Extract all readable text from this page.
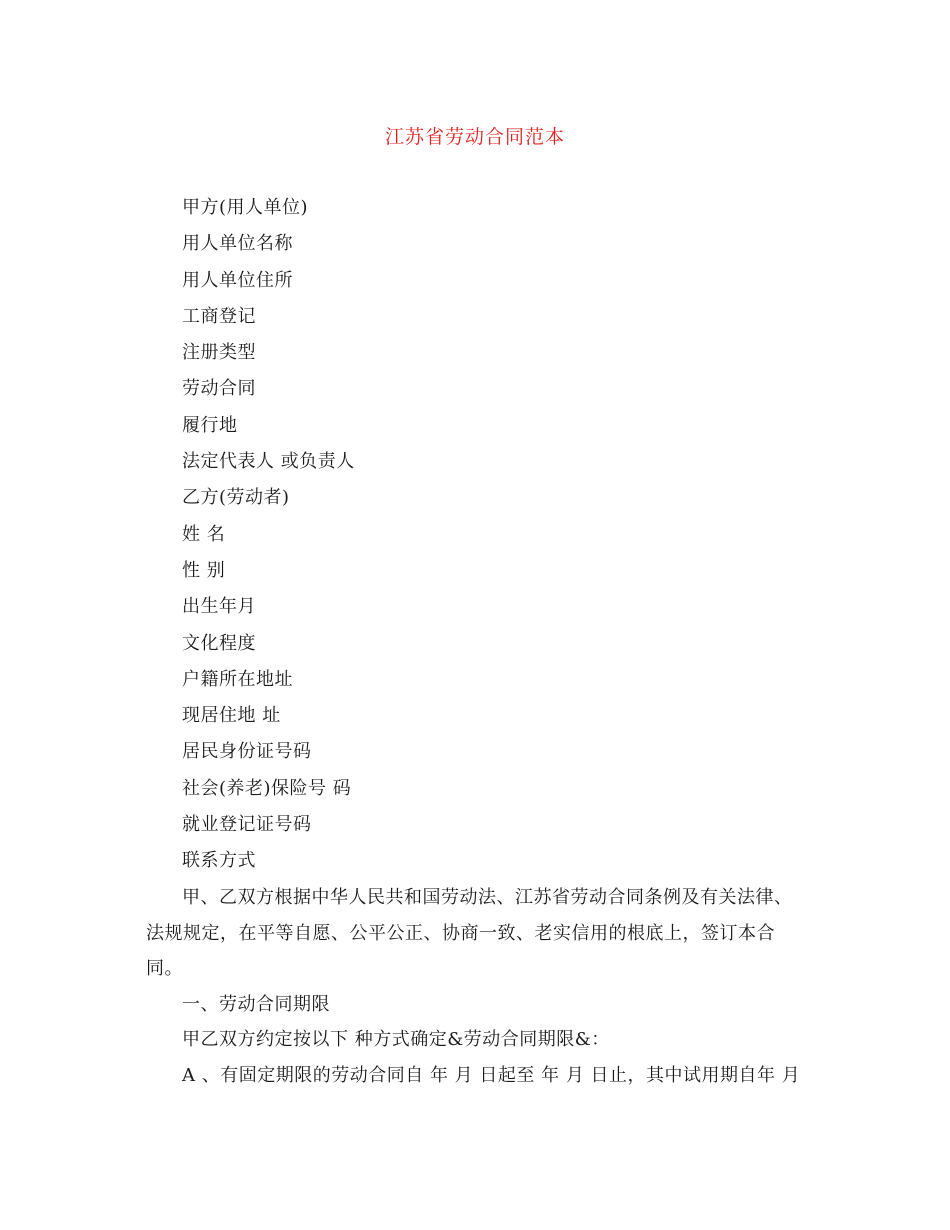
江苏省劳动合同范本
甲方(用人单位)
用人单位名称
用人单位住所
工商登记
注册类型
劳动合同
履行地
法定代表人 或负责人
乙方(劳动者)
姓 名
性 别
出生年月
文化程度
户籍所在地址
现居住地 址
居民身份证号码
社会(养老)保险号 码
就业登记证号码
联系方式

甲、乙双方根据中华人民共和国劳动法、江苏省劳动合同条例及有关法律、法规规定，在平等自愿、公平公正、协商一致、老实信用的根底上，签订本合同。

一、劳动合同期限

甲乙双方约定按以下 种方式确定&劳动合同期限&：

A 、有固定期限的劳动合同自 年 月 日起至 年 月 日止，其中试用期自年 月
